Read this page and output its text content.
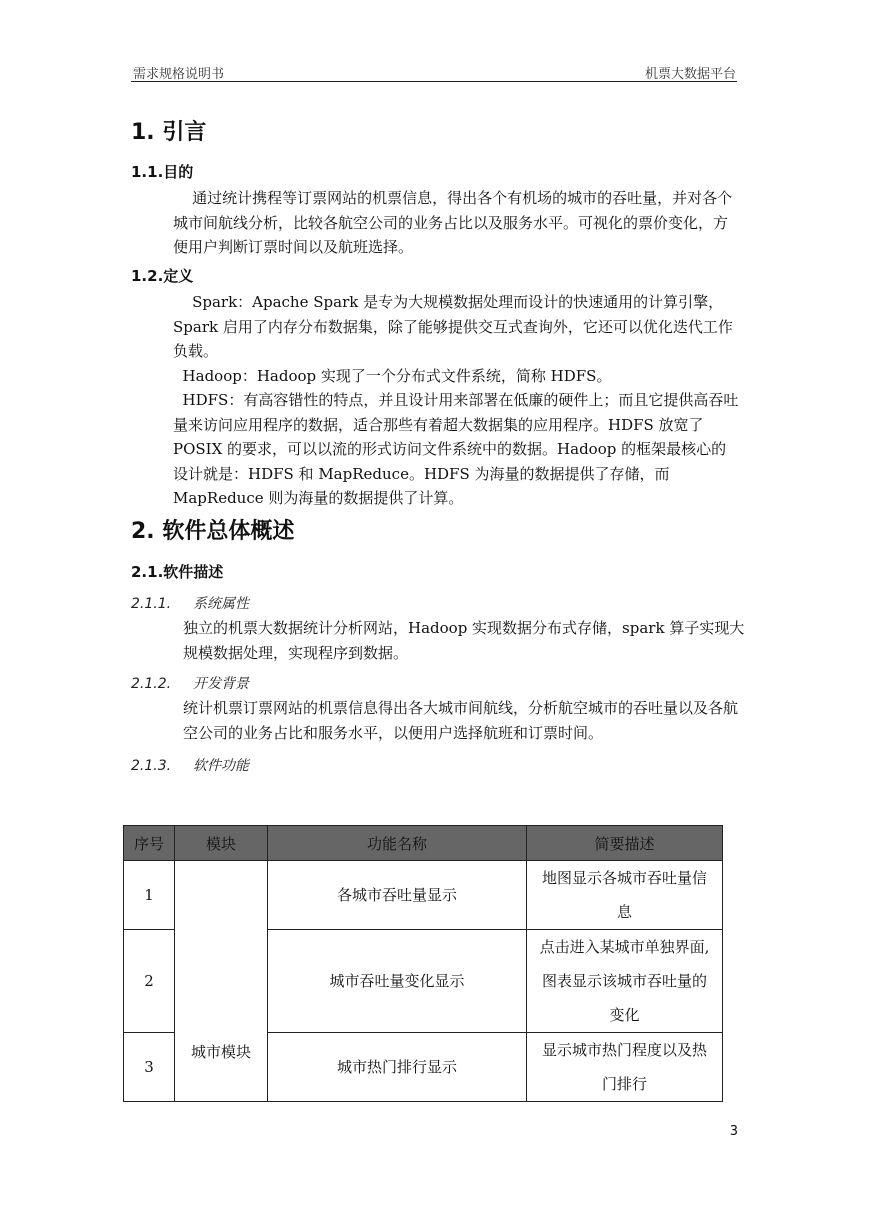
需求规格说明书	机票大数据平台
1. 引言
1.1.目的

通过统计携程等订票网站的机票信息，得出各个有机场的城市的吞吐量，并对各个城市间航线分析，比较各航空公司的业务占比以及服务水平。可视化的票价变化，方便用户判断订票时间以及航班选择。

1.2.定义

Spark：Apache Spark 是专为大规模数据处理而设计的快速通用的计算引擎，Spark 启用了内存分布数据集，除了能够提供交互式查询外，它还可以优化迭代工作负载。

Hadoop：Hadoop 实现了一个分布式文件系统，简称 HDFS。

HDFS：有高容错性的特点，并且设计用来部署在低廉的硬件上；而且它提供高吞吐量来访问应用程序的数据，适合那些有着超大数据集的应用程序。HDFS 放宽了 POSIX 的要求，可以以流的形式访问文件系统中的数据。Hadoop 的框架最核心的设计就是：HDFS 和 MapReduce。HDFS 为海量的数据提供了存储，而 MapReduce 则为海量的数据提供了计算。

2. 软件总体概述
2.1.软件描述
2.1.1. 系统属性

独立的机票大数据统计分析网站，Hadoop 实现数据分布式存储，spark 算子实现大规模数据处理，实现程序到数据。

2.1.2. 开发背景

统计机票订票网站的机票信息得出各大城市间航线，分析航空城市的吞吐量以及各航空公司的业务占比和服务水平，以便用户选择航班和订票时间。

2.1.3. 软件功能
序号	模块	功能名称	简要描述
1	城市模块	各城市吞吐量显示	地图显示各城市吞吐量信息
2		城市吞吐量变化显示	点击进入某城市单独界面,图表显示该城市吞吐量的变化
3		城市热门排行显示	显示城市热门程度以及热门排行
3
